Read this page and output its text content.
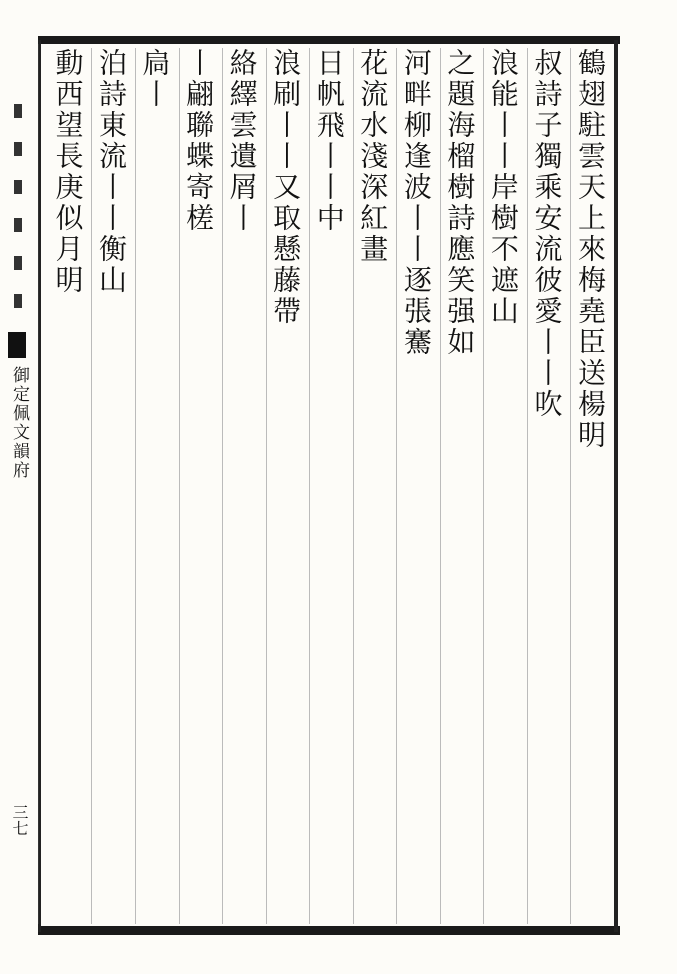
御定佩文韻府
三七
鶴翅駐雲天上來梅堯臣送楊明
叔詩子獨乘安流彼愛丨丨吹
浪能丨丨岸樹不遮山
之題海榴樹詩應笑强如
河畔柳逢波丨丨逐張騫
花流水淺深紅畫
日帆飛丨丨中
浪刷丨丨又取懸藤帶
絡繹雲遺屑丨
丨翩聯蝶寄槎
扃丨
泊詩東流丨丨衡山
動西望長庚似月明
